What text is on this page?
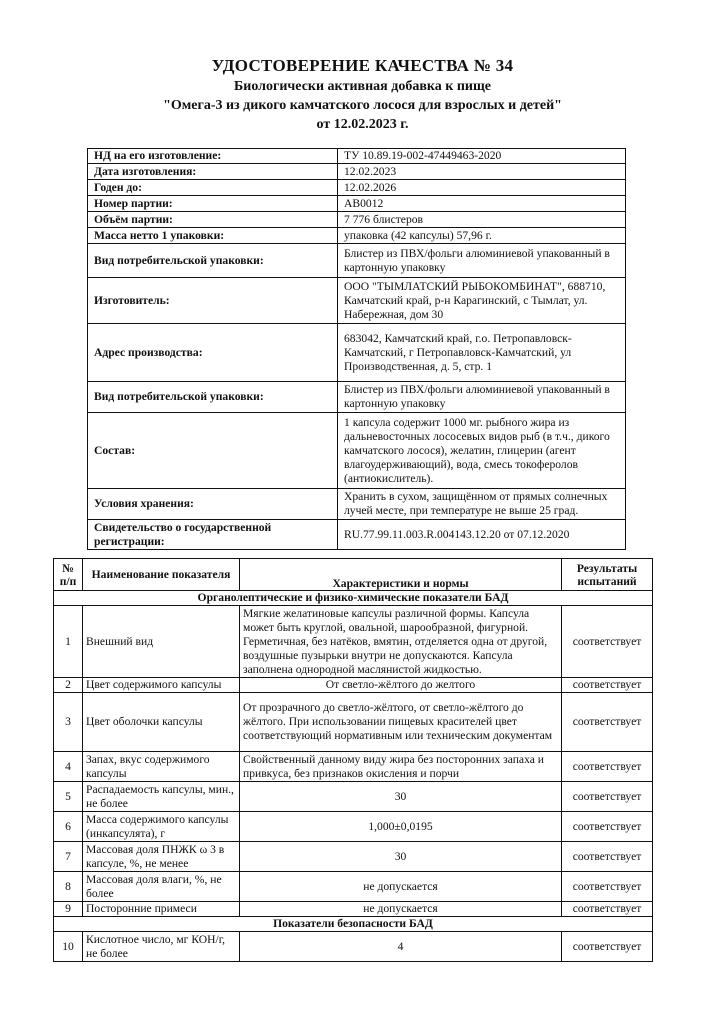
УДОСТОВЕРЕНИЕ КАЧЕСТВА № 34
Биологически активная добавка к пище
"Омега-3 из дикого камчатского лосося для взрослых и детей"
от 12.02.2023 г.
НД на его изготовление:	ТУ 10.89.19-002-47449463-2020
Дата изготовления:	12.02.2023
Годен до:	12.02.2026
Номер партии:	АВ0012
Объём партии:	7 776 блистеров
Масса нетто 1 упаковки:	упаковка (42 капсулы) 57,96 г.
Вид потребительской упаковки:	Блистер из ПВХ/фольги алюминиевой упакованный в картонную упаковку
Изготовитель:	ООО "ТЫМЛАТСКИЙ РЫБОКОМБИНАТ", 688710, Камчатский край, р-н Карагинский, с Тымлат, ул. Набережная, дом 30
Адрес производства:	683042, Камчатский край, г.о. Петропавловск-Камчатский, г Петропавловск-Камчатский, ул Производственная, д. 5, стр. 1
Вид потребительской упаковки:	Блистер из ПВХ/фольги алюминиевой упакованный в картонную упаковку
Состав:	1 капсула содержит 1000 мг. рыбного жира из дальневосточных лососевых видов рыб (в т.ч., дикого камчатского лосося), желатин, глицерин (агент влагоудерживающий), вода, смесь токоферолов (антиокислитель).
Условия хранения:	Хранить в сухом, защищённом от прямых солнечных лучей месте, при температуре не выше 25 град.
Свидетельство о государственной регистрации:	RU.77.99.11.003.R.004143.12.20 от 07.12.2020
№ п/п	Наименование показателя	Характеристики и нормы	Результаты испытаний
Органолептические и физико-химические показатели БАД			
1	Внешний вид	Мягкие желатиновые капсулы различной формы. Капсула может быть круглой, овальной, шарообразной, фигурной. Герметичная, без натёков, вмятин, отделяется одна от другой, воздушные пузырьки внутри не допускаются. Капсула заполнена однородной маслянистой жидкостью.	соответствует
2	Цвет содержимого капсулы	От светло-жёлтого до желтого	соответствует
3	Цвет оболочки капсулы	От прозрачного до светло-жёлтого, от светло-жёлтого до жёлтого. При использовании пищевых красителей цвет соответствующий нормативным или техническим документам	соответствует
4	Запах, вкус содержимого капсулы	Свойственный данному виду жира без посторонних запаха и привкуса, без признаков окисления и порчи	соответствует
5	Распадаемость капсулы, мин., не более	30	соответствует
6	Масса содержимого капсулы (инкапсулята), г	1,000±0,0195	соответствует
7	Массовая доля ПНЖК ω 3 в капсуле, %, не менее	30	соответствует
8	Массовая доля влаги, %, не более	не допускается	соответствует
9	Посторонние примеси	не допускается	соответствует
Показатели безопасности БАД			
10	Кислотное число, мг КОН/г, не более	4	соответствует
